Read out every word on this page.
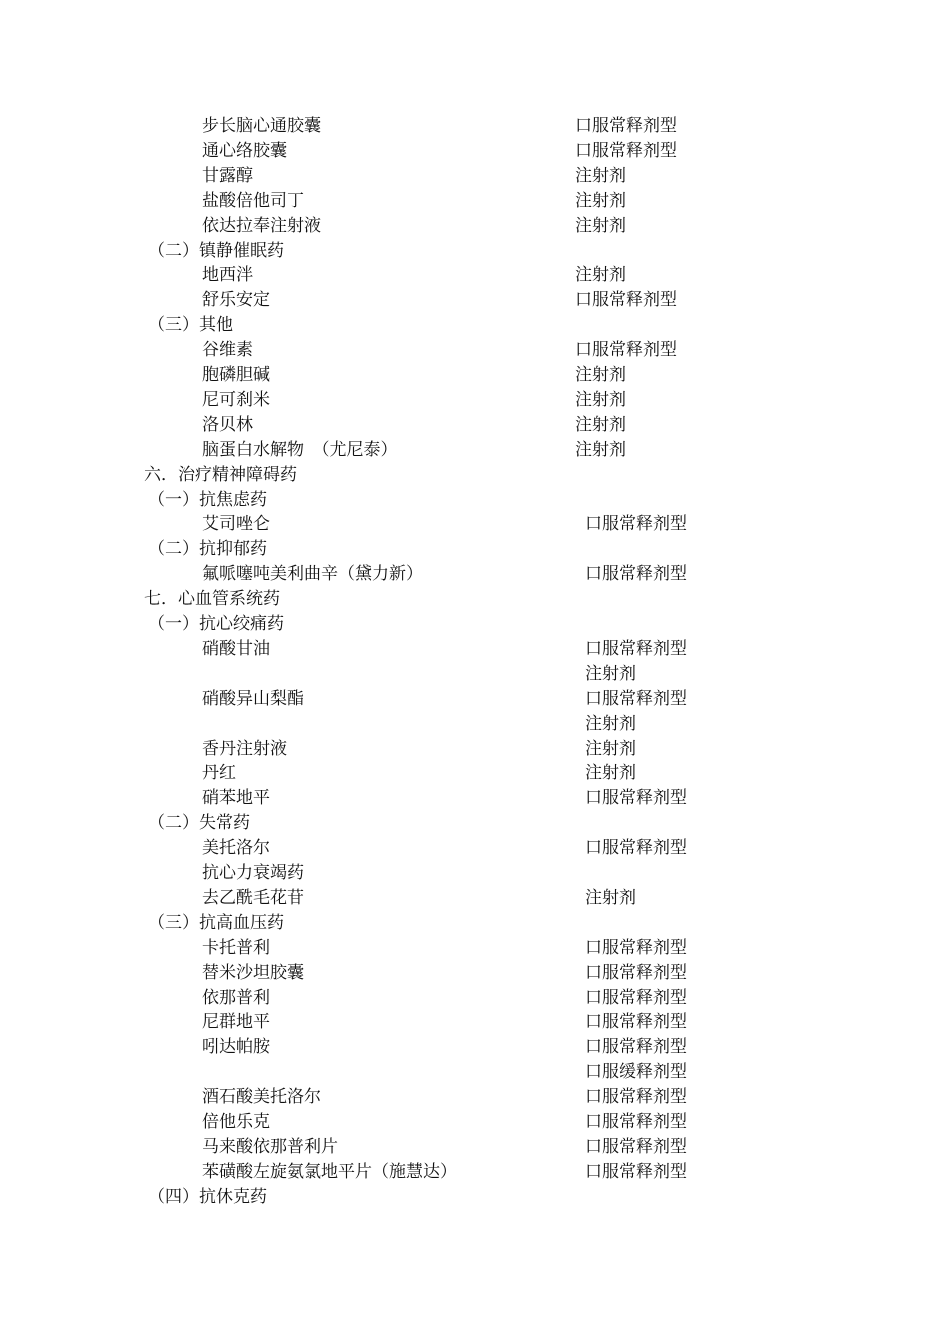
步长脑心通胶囊	口服常释剂型
通心络胶囊	口服常释剂型
甘露醇	注射剂
盐酸倍他司丁	注射剂
依达拉奉注射液	注射剂
（二）镇静催眠药
地西泮	注射剂
舒乐安定	口服常释剂型
（三）其他
谷维素	口服常释剂型
胞磷胆碱	注射剂
尼可刹米	注射剂
洛贝林	注射剂
脑蛋白水解物　（尤尼泰）	注射剂
六．治疗精神障碍药
（一）抗焦虑药
艾司唑仑	口服常释剂型
（二）抗抑郁药
氟哌噻吨美利曲辛（黛力新）	口服常释剂型
七．心血管系统药
（一）抗心绞痛药
硝酸甘油	口服常释剂型
注射剂
硝酸异山梨酯	口服常释剂型
注射剂
香丹注射液	注射剂
丹红	注射剂
硝苯地平	口服常释剂型
（二）失常药
美托洛尔	口服常释剂型
抗心力衰竭药
去乙酰毛花苷	注射剂
（三）抗高血压药
卡托普利	口服常释剂型
替米沙坦胶囊	口服常释剂型
依那普利	口服常释剂型
尼群地平	口服常释剂型
吲达帕胺	口服常释剂型
口服缓释剂型
酒石酸美托洛尔	口服常释剂型
倍他乐克	口服常释剂型
马来酸依那普利片	口服常释剂型
苯磺酸左旋氨氯地平片（施慧达）	口服常释剂型
（四）抗休克药
